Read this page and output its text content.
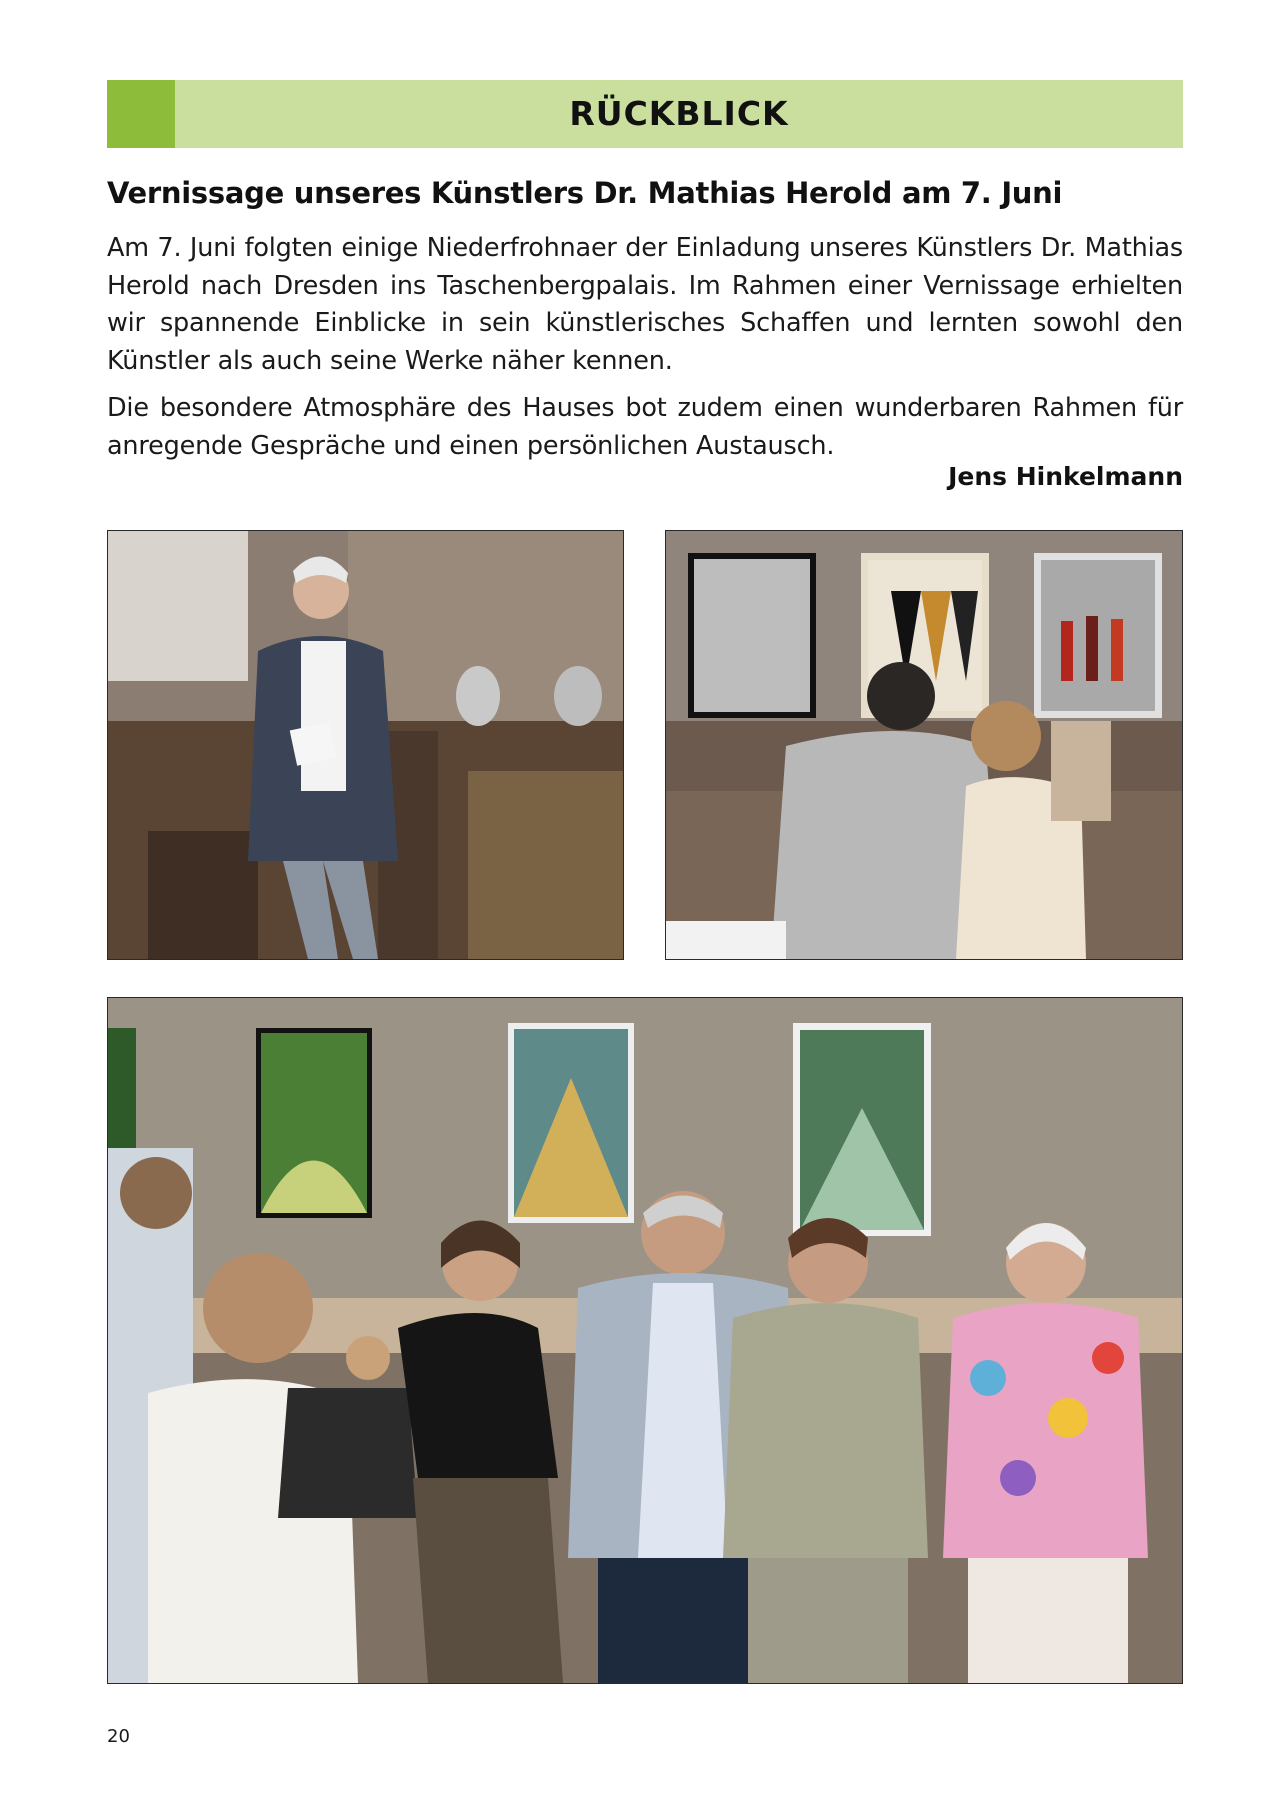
RÜCKBLICK
Vernissage unseres Künstlers Dr. Mathias Herold am 7. Juni

Am 7. Juni folgten einige Niederfrohnaer der Einladung unseres Künstlers Dr. Mathias Herold nach Dresden ins Taschenbergpalais. Im Rahmen einer Vernissage erhielten wir spannende Einblicke in sein künstlerisches Schaffen und lernten sowohl den Künstler als auch seine Werke näher kennen.

Die besondere Atmosphäre des Hauses bot zudem einen wunderbaren Rahmen für anregende Gespräche und einen persönlichen Austausch.

Jens Hinkelmann
20
